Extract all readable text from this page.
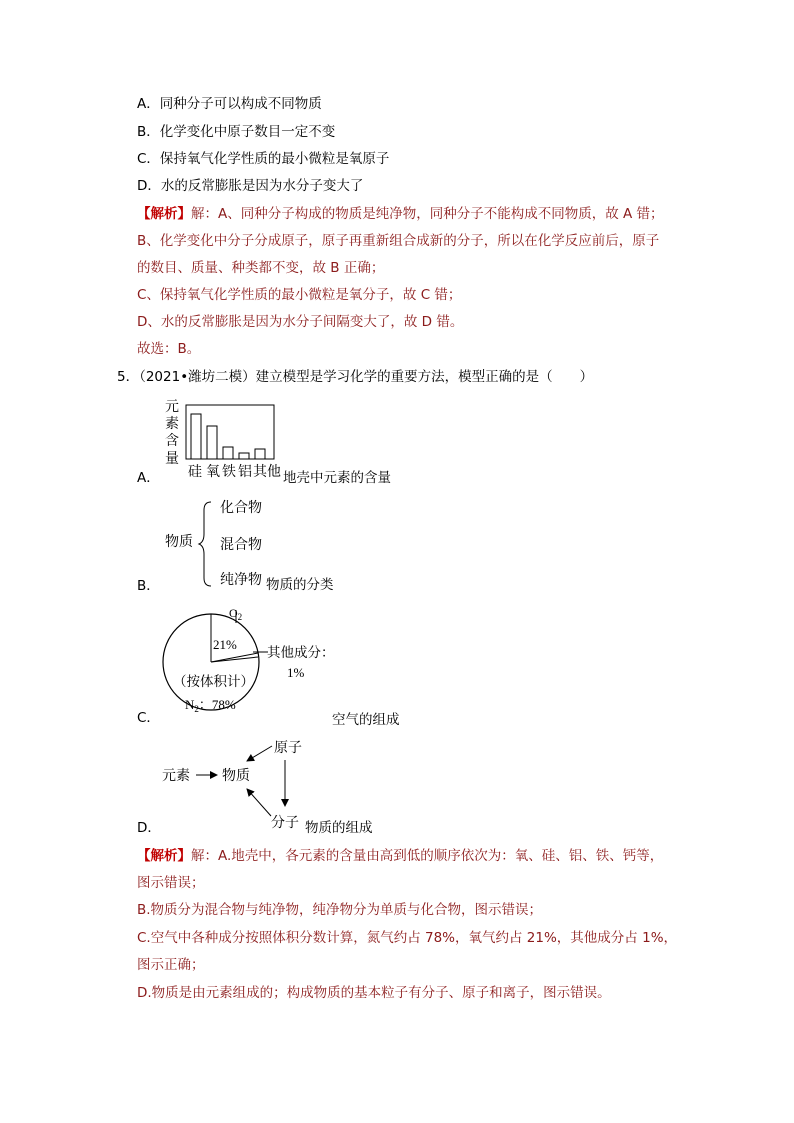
A．同种分子可以构成不同物质
B．化学变化中原子数目一定不变
C．保持氧气化学性质的最小微粒是氧原子
D．水的反常膨胀是因为水分子变大了
【解析】解：A、同种分子构成的物质是纯净物，同种分子不能构成不同物质，故 A 错；
B、化学变化中分子分成原子，原子再重新组合成新的分子，所以在化学反应前后，原子
的数目、质量、种类都不变，故 B 正确；
C、保持氧气化学性质的最小微粒是氧分子，故 C 错；
D、水的反常膨胀是因为水分子间隔变大了，故 D 错。
故选：B。
5．（2021•潍坊二模）建立模型是学习化学的重要方法，模型正确的是（　　）
A．
元
素
含
量
硅 氧 铁 铝 其他 地壳中元素的含量
B．
物质
化合物
混合物
纯净物 物质的分类
C．
$O_2$
21%
其他成分：
1%
（按体积计）
$N_2$：78%
空气的组成
D．
元素 物质
原子
分子 物质的组成
【解析】解：A.地壳中，各元素的含量由高到低的顺序依次为：氧、硅、铝、铁、钙等，
图示错误；
B.物质分为混合物与纯净物，纯净物分为单质与化合物，图示错误；
C.空气中各种成分按照体积分数计算，氮气约占 78%，氧气约占 21%，其他成分占 1%，
图示正确；
D.物质是由元素组成的；构成物质的基本粒子有分子、原子和离子，图示错误。
